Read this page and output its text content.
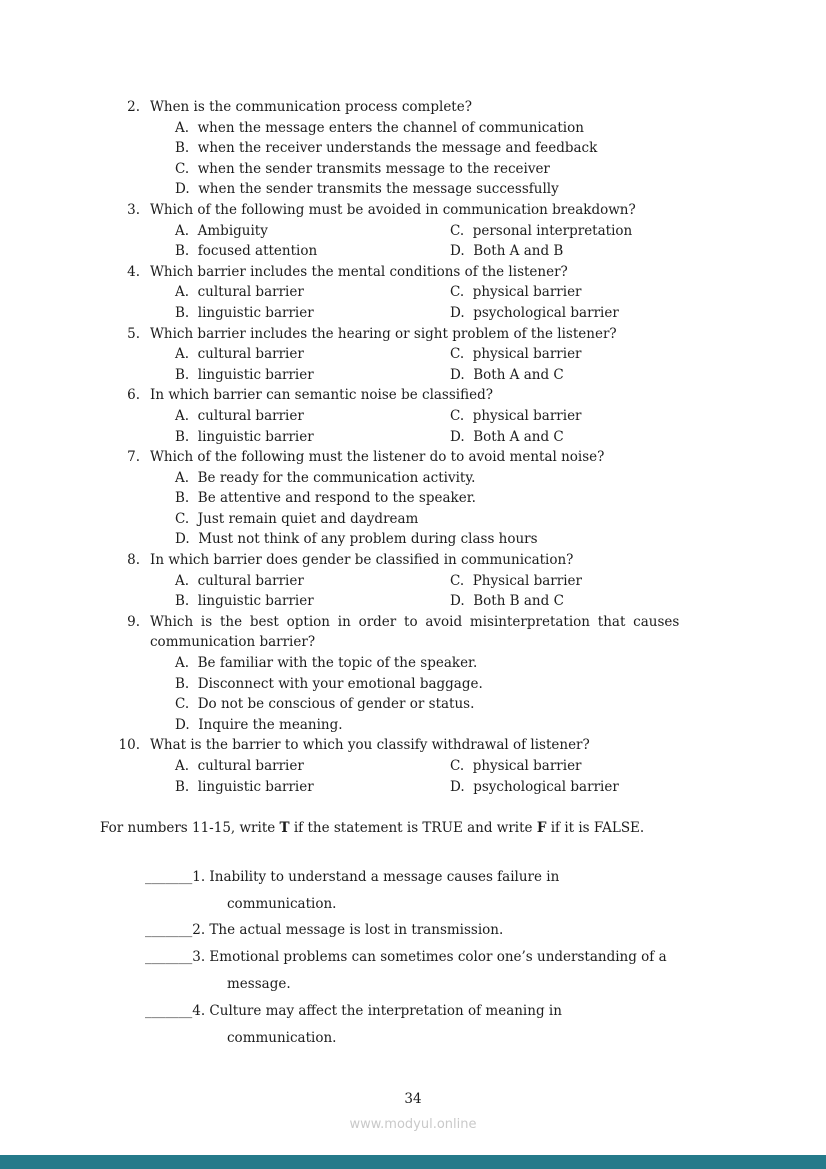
2. When is the communication process complete?
A.  when the message enters the channel of communication
B.  when the receiver understands the message and feedback
C.  when the sender transmits message to the receiver
D.  when the sender transmits the message successfully
3. Which of the following must be avoided in communication breakdown?
A.  Ambiguity	C.  personal interpretation
B.  focused attention	D.  Both A and B
4. Which barrier includes the mental conditions of the listener?
A.  cultural barrier	C.  physical barrier
B.  linguistic barrier	D.  psychological barrier
5. Which barrier includes the hearing or sight problem of the listener?
A.  cultural barrier	C.  physical barrier
B.  linguistic barrier	D.  Both A and C
6. In which barrier can semantic noise be classified?
A.  cultural barrier	C.  physical barrier
B.  linguistic barrier	D.  Both A and C
7. Which of the following must the listener do to avoid mental noise?
A.  Be ready for the communication activity.
B.  Be attentive and respond to the speaker.
C.  Just remain quiet and daydream
D.  Must not think of any problem during class hours
8. In which barrier does gender be classified in communication?
A.  cultural barrier	C.  Physical barrier
B.  linguistic barrier	D.  Both B and C
9. Which is the best option in order to avoid misinterpretation that causes
communication barrier?
A.  Be familiar with the topic of the speaker.
B.  Disconnect with your emotional baggage.
C.  Do not be conscious of gender or status.
D.  Inquire the meaning.
10. What is the barrier to which you classify withdrawal of listener?
A.  cultural barrier	C.  physical barrier
B.  linguistic barrier	D.  psychological barrier

For numbers 11-15, write T if the statement is TRUE and write F if it is FALSE.

_______1. Inability to understand a message causes failure in
communication.
_______2. The actual message is lost in transmission.
_______3. Emotional problems can sometimes color one’s understanding of a
message.
_______4. Culture may affect the interpretation of meaning in
communication.
34
www.modyul.online
